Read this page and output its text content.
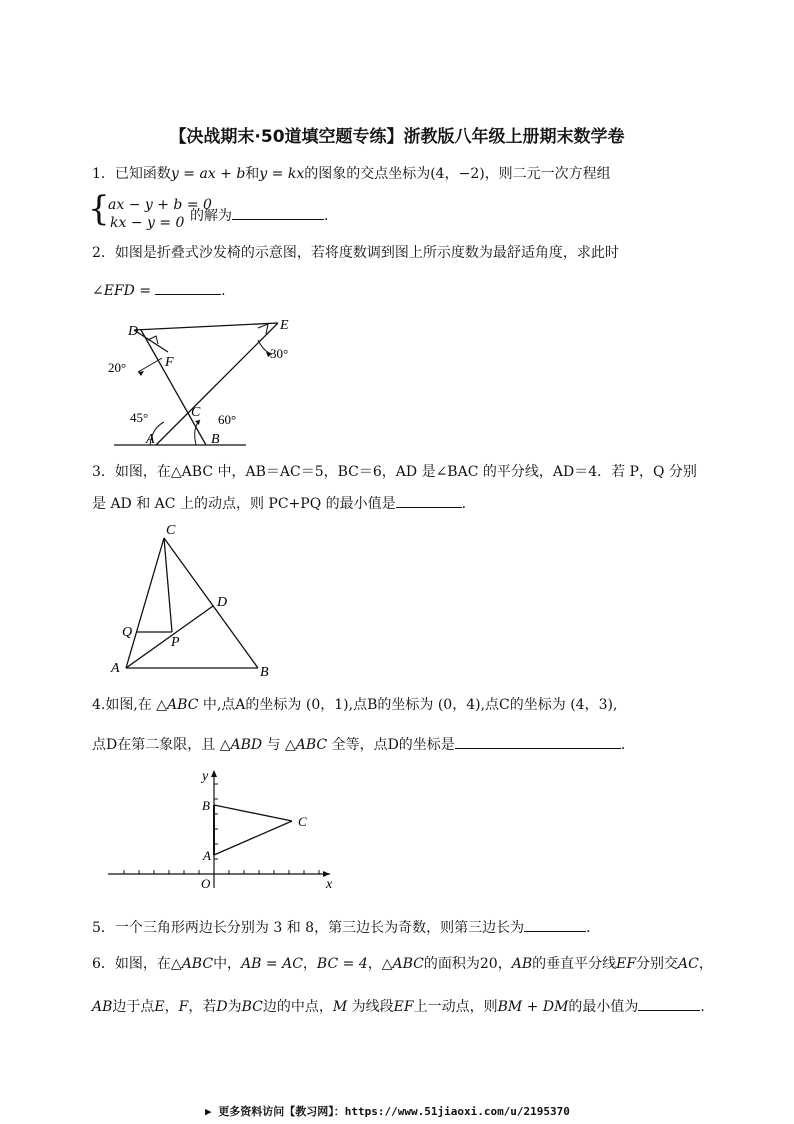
【决战期末·50道填空题专练】浙教版八年级上册期末数学卷
1．已知函数y = ax + b和y = kx的图象的交点坐标为(4，−2)，则二元一次方程组
{
ax − y + b = 0
kx − y = 0 的解为	.
2．如图是折叠式沙发椅的示意图，若将度数调到图上所示度数为最舒适角度，求此时
∠EFD =	.
D	E
F
C
A	B
20°
30°
45°	60°
3．如图，在△ABC 中，AB＝AC＝5，BC＝6，AD 是∠BAC 的平分线，AD＝4．若 P，Q 分别
是 AD 和 AC 上的动点，则 PC+PQ 的最小值是	.
C
D
Q
P
A	B
4.如图,在 △ABC 中,点A的坐标为 (0，1),点B的坐标为 (0，4),点C的坐标为 (4，3),
点D在第二象限，且 △ABD 与 △ABC 全等，点D的坐标是	.
y
x
B
A
C
O
5．一个三角形两边长分别为 3 和 8，第三边长为奇数，则第三边长为	.
6．如图，在△ABC中，AB = AC，BC = 4，△ABC的面积为20，AB的垂直平分线EF分别交AC，
AB边于点E，F，若D为BC边的中点，M 为线段EF上一动点，则BM + DM的最小值为	.
▶ 更多资料访问【教习网】：https://www.51jiaoxi.com/u/2195370
